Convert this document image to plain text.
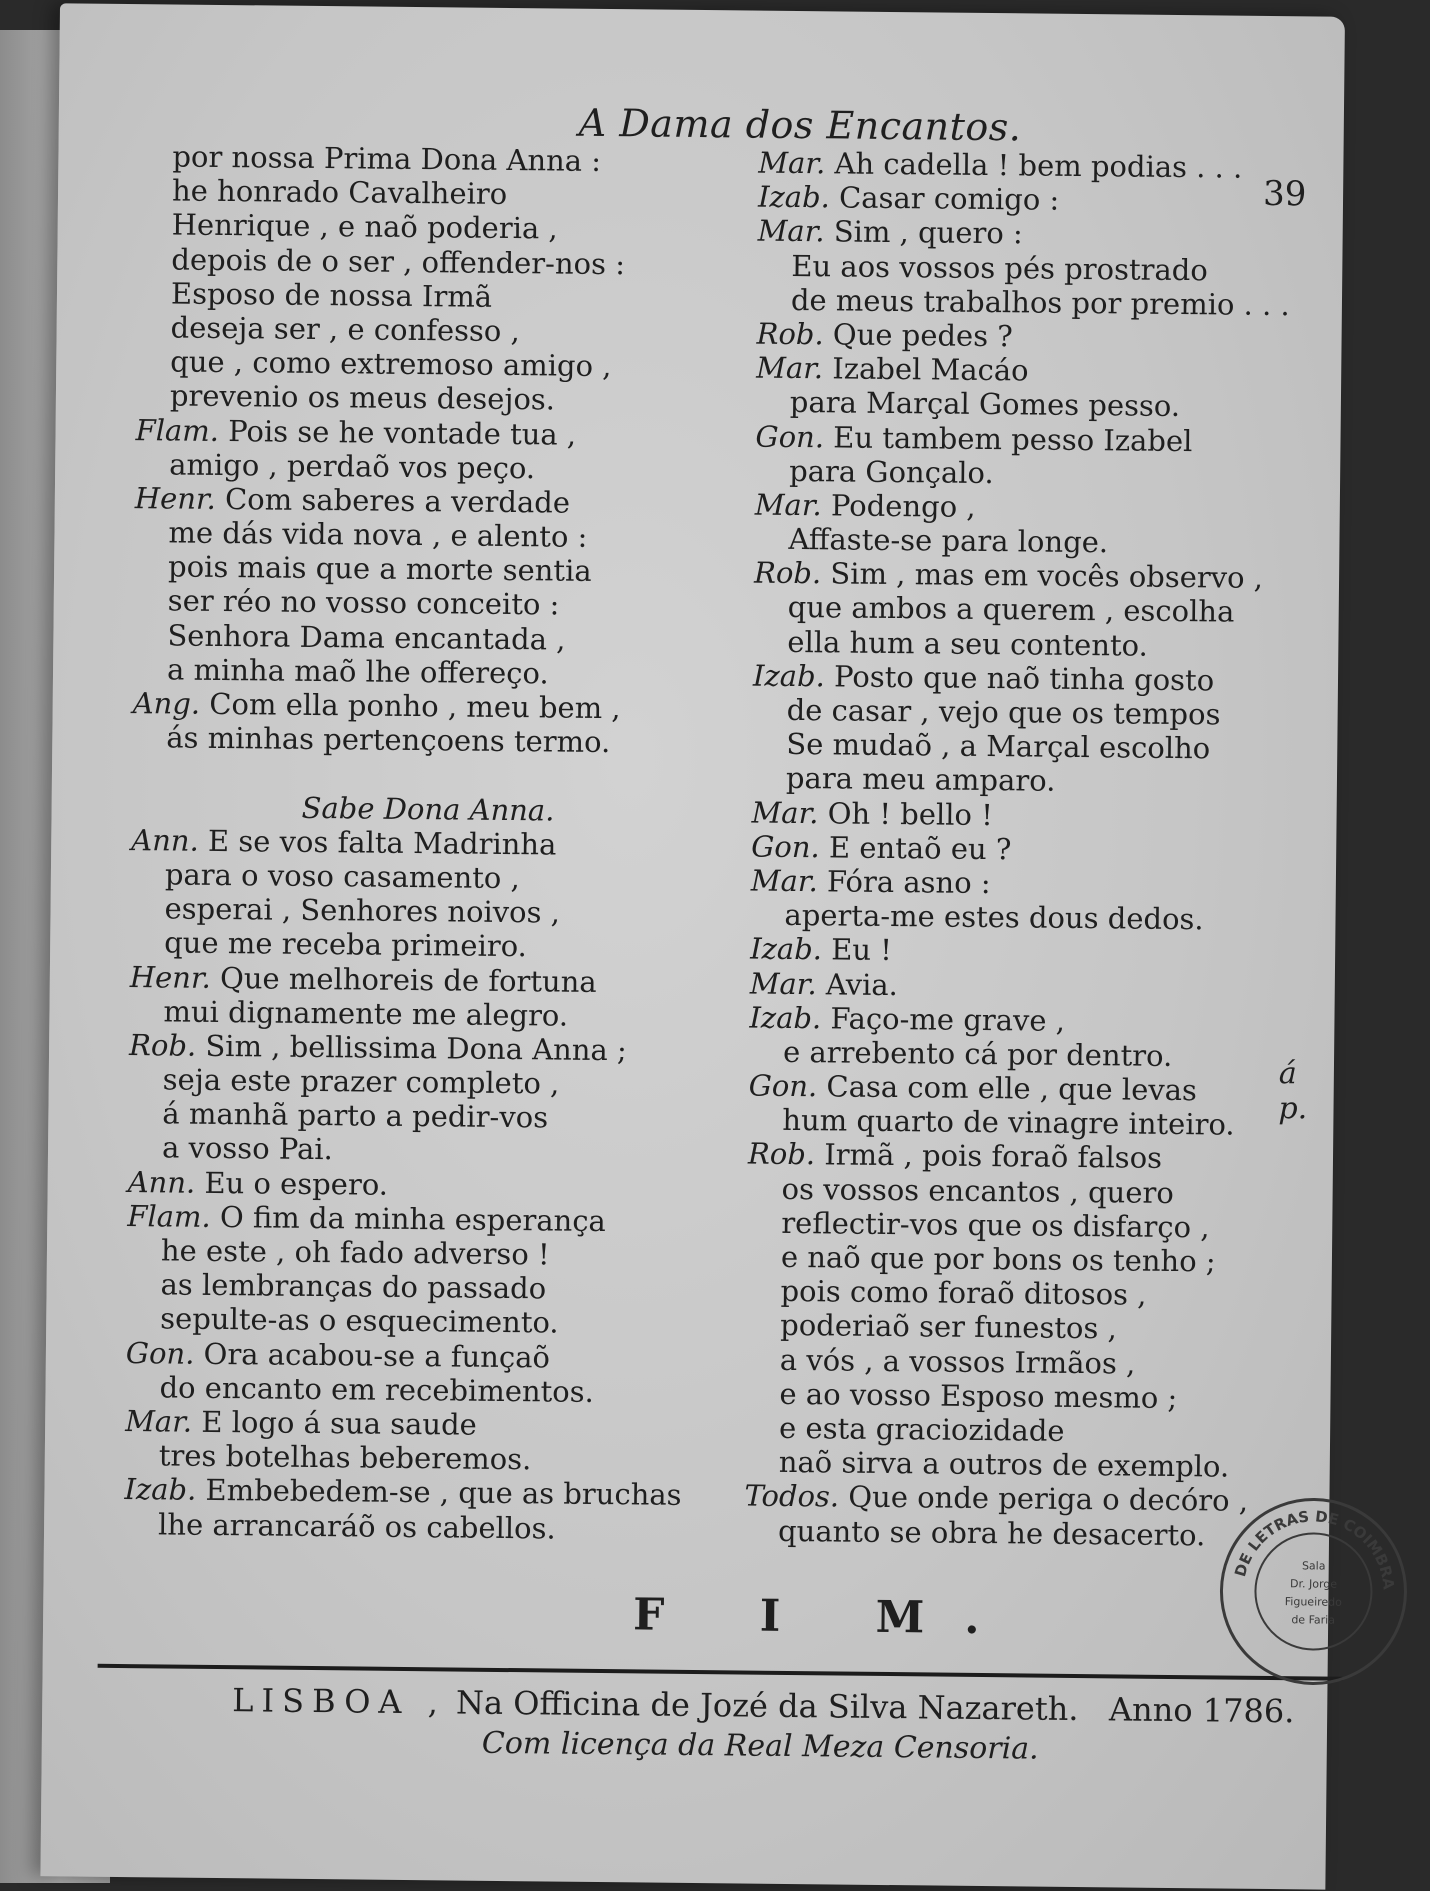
A Dama dos Encantos.
39
por nossa Prima Dona Anna :
he honrado Cavalheiro
Henrique , e naõ poderia ,
depois de o ser , offender-nos :
Esposo de nossa Irmã
deseja ser , e confesso ,
que , como extremoso amigo ,
prevenio os meus desejos.
Flam. Pois se he vontade tua ,
amigo , perdaõ vos peço.
Henr. Com saberes a verdade
me dás vida nova , e alento :
pois mais que a morte sentia
ser réo no vosso conceito :
Senhora Dama encantada ,
a minha maõ lhe offereço.
Ang. Com ella ponho , meu bem ,
ás minhas pertençoens termo.
Sabe Dona Anna.
Ann. E se vos falta Madrinha
para o voso casamento ,
esperai , Senhores noivos ,
que me receba primeiro.
Henr. Que melhoreis de fortuna
mui dignamente me alegro.
Rob. Sim , bellissima Dona Anna ;
seja este prazer completo ,
á manhã parto a pedir-vos
a vosso Pai.
Ann. Eu o espero.
Flam. O fim da minha esperança
he este , oh fado adverso !
as lembranças do passado
sepulte-as o esquecimento.
Gon. Ora acabou-se a funçaõ
do encanto em recebimentos.
Mar. E logo á sua saude
tres botelhas beberemos.
Izab. Embebedem-se , que as bruchas
lhe arrancaráõ os cabellos.
Mar. Ah cadella ! bem podias . . .
Izab. Casar comigo :
Mar. Sim , quero :
Eu aos vossos pés prostrado
de meus trabalhos por premio . . .
Rob. Que pedes ?
Mar. Izabel Macáo
para Marçal Gomes pesso.
Gon. Eu tambem pesso Izabel
para Gonçalo.
Mar. Podengo ,
Affaste-se para longe.
Rob. Sim , mas em vocês observo ,
que ambos a querem , escolha
ella hum a seu contento.
Izab. Posto que naõ tinha gosto
de casar , vejo que os tempos
Se mudaõ , a Marçal escolho
para meu amparo.
Mar. Oh ! bello !
Gon. E entaõ eu ?
Mar. Fóra asno :
aperta-me estes dous dedos.
Izab. Eu !
Mar. Avia.
Izab. Faço-me grave ,
e arrebento cá por dentro.
Gon. Casa com elle , que levas
hum quarto de vinagre inteiro.
Rob. Irmã , pois foraõ falsos
os vossos encantos , quero
reflectir-vos que os disfarço ,
e naõ que por bons os tenho ;
pois como foraõ ditosos ,
poderiaõ ser funestos ,
a vós , a vossos Irmãos ,
e ao vosso Esposo mesmo ;
e esta graciozidade
naõ sirva a outros de exemplo.
Todos. Que onde periga o decóro ,
quanto se obra he desacerto.
á p.
F I M.
LISBOA , Na Officina de Jozé da Silva Nazareth. Anno 1786.
Com licença da Real Meza Censoria.
DE LETRAS DE COIMBRA
Sala
Dr. Jorge
Figueiredo
de Faria
